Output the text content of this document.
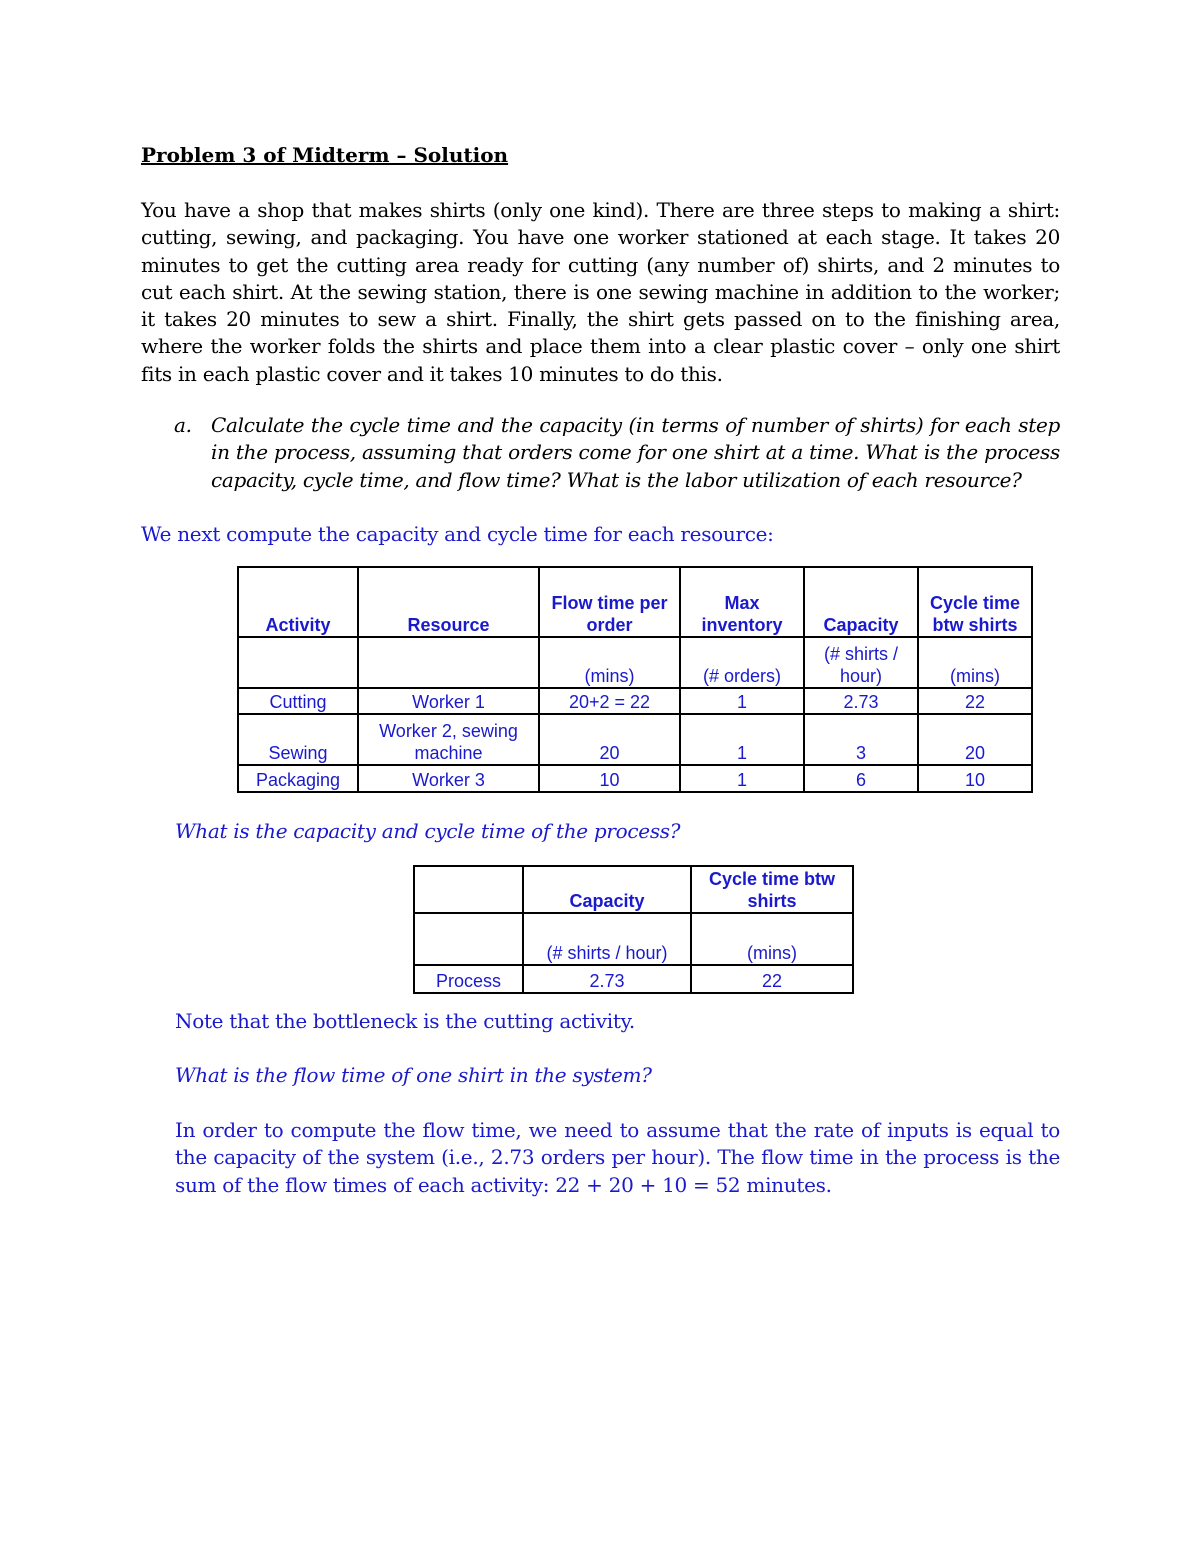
Problem 3 of Midterm – Solution

You have a shop that makes shirts (only one kind). There are three steps to making a shirt: cutting, sewing, and packaging. You have one worker stationed at each stage. It takes 20 minutes to get the cutting area ready for cutting (any number of) shirts, and 2 minutes to cut each shirt. At the sewing station, there is one sewing machine in addition to the worker; it takes 20 minutes to sew a shirt. Finally, the shirt gets passed on to the finishing area, where the worker folds the shirts and place them into a clear plastic cover – only one shirt fits in each plastic cover and it takes 10 minutes to do this.

a. Calculate the cycle time and the capacity (in terms of number of shirts) for each step in the process, assuming that orders come for one shirt at a time. What is the process capacity, cycle time, and flow time? What is the labor utilization of each resource?

We next compute the capacity and cycle time for each resource:

Activity	Resource	Flow time per order	Max inventory	Capacity	Cycle time btw shirts
		(mins)	(# orders)	(# shirts / hour)	(mins)
Cutting	Worker 1	20+2 = 22	1	2.73	22
Sewing	Worker 2, sewing machine	20	1	3	20
Packaging	Worker 3	10	1	6	10

What is the capacity and cycle time of the process?

	Capacity	Cycle time btw shirts
	(# shirts / hour)	(mins)
Process	2.73	22

Note that the bottleneck is the cutting activity.

What is the flow time of one shirt in the system?

In order to compute the flow time, we need to assume that the rate of inputs is equal to the capacity of the system (i.e., 2.73 orders per hour). The flow time in the process is the sum of the flow times of each activity: 22 + 20 + 10 = 52 minutes.
